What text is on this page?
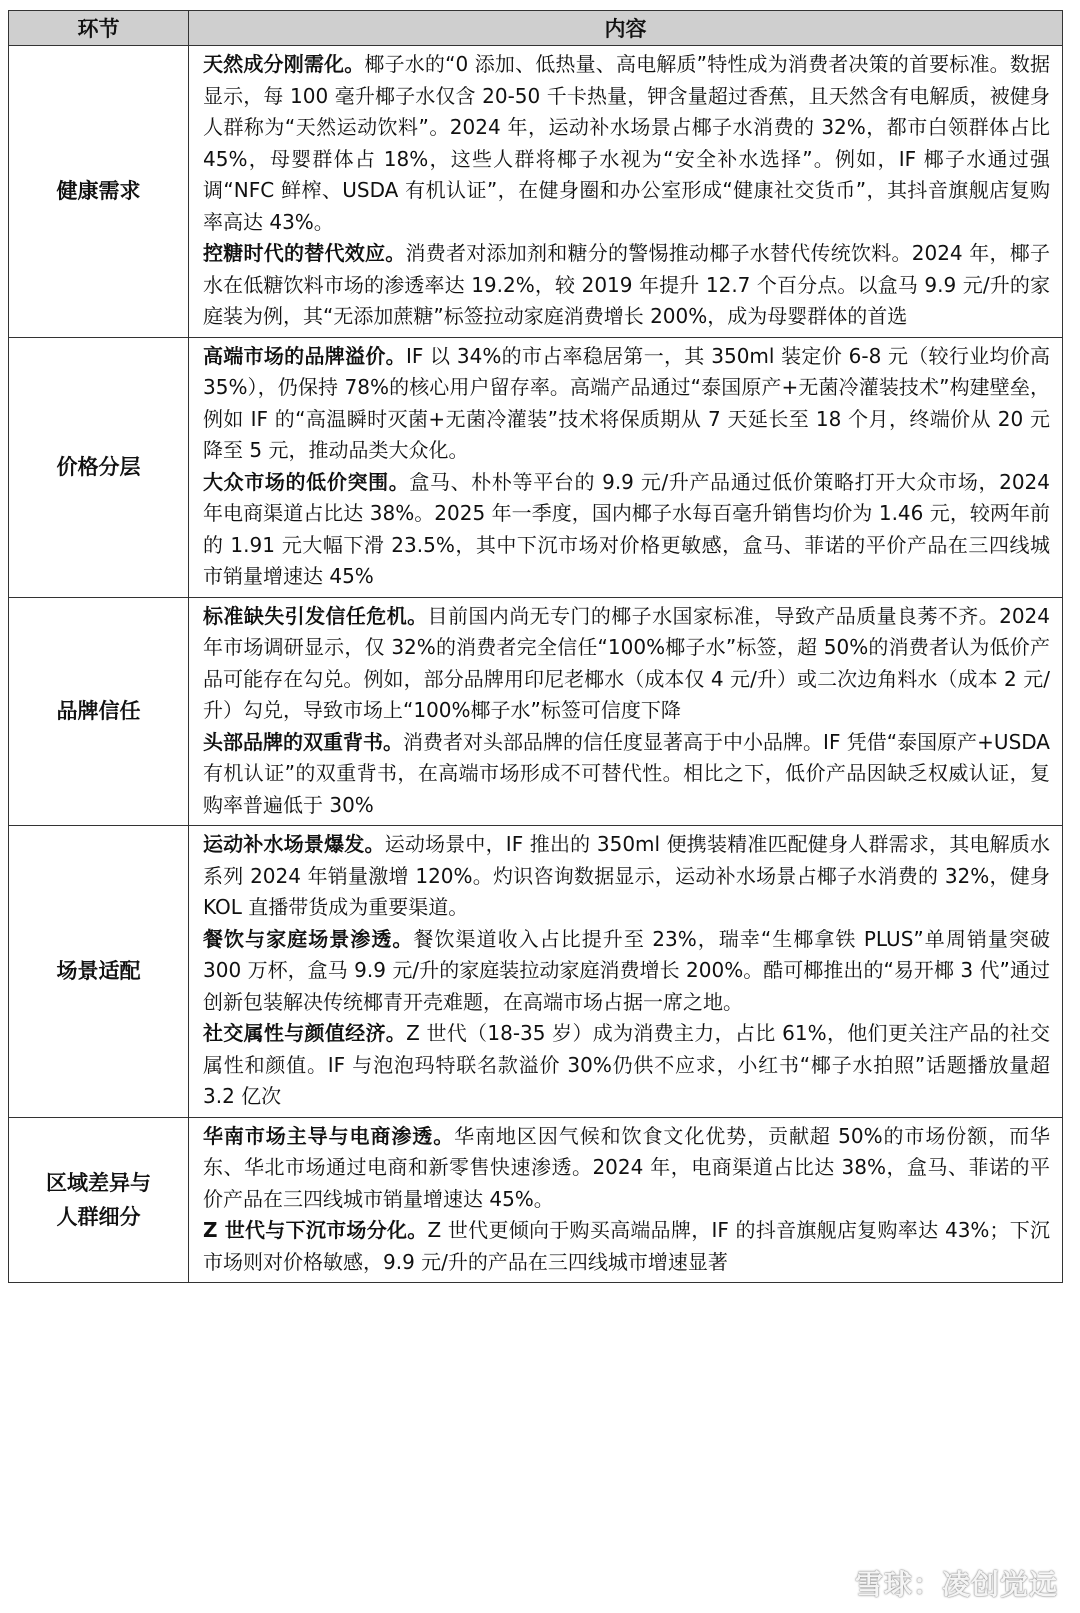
环节	内容
健康需求	天然成分刚需化。椰子水的“0 添加、低热量、高电解质”特性成为消费者决策的首要标准。数据显示，每 100 毫升椰子水仅含 20-50 千卡热量，钾含量超过香蕉，且天然含有电解质，被健身人群称为“天然运动饮料”。2024 年，运动补水场景占椰子水消费的 32%，都市白领群体占比 45%，母婴群体占 18%，这些人群将椰子水视为“安全补水选择”。例如，IF 椰子水通过强调“NFC 鲜榨、USDA 有机认证”，在健身圈和办公室形成“健康社交货币”，其抖音旗舰店复购率高达 43%。

控糖时代的替代效应。消费者对添加剂和糖分的警惕推动椰子水替代传统饮料。2024 年，椰子水在低糖饮料市场的渗透率达 19.2%，较 2019 年提升 12.7 个百分点。以盒马 9.9 元/升的家庭装为例，其“无添加蔗糖”标签拉动家庭消费增长 200%，成为母婴群体的首选

价格分层	高端市场的品牌溢价。IF 以 34%的市占率稳居第一，其 350ml 装定价 6-8 元（较行业均价高 35%），仍保持 78%的核心用户留存率。高端产品通过“泰国原产+无菌冷灌装技术”构建壁垒，例如 IF 的“高温瞬时灭菌+无菌冷灌装”技术将保质期从 7 天延长至 18 个月，终端价从 20 元降至 5 元，推动品类大众化。

大众市场的低价突围。盒马、朴朴等平台的 9.9 元/升产品通过低价策略打开大众市场，2024 年电商渠道占比达 38%。2025 年一季度，国内椰子水每百毫升销售均价为 1.46 元，较两年前的 1.91 元大幅下滑 23.5%，其中下沉市场对价格更敏感，盒马、菲诺的平价产品在三四线城市销量增速达 45%

品牌信任	标准缺失引发信任危机。目前国内尚无专门的椰子水国家标准，导致产品质量良莠不齐。2024 年市场调研显示，仅 32%的消费者完全信任“100%椰子水”标签，超 50%的消费者认为低价产品可能存在勾兑。例如，部分品牌用印尼老椰水（成本仅 4 元/升）或二次边角料水（成本 2 元/升）勾兑，导致市场上“100%椰子水”标签可信度下降

头部品牌的双重背书。消费者对头部品牌的信任度显著高于中小品牌。IF 凭借“泰国原产+USDA 有机认证”的双重背书，在高端市场形成不可替代性。相比之下，低价产品因缺乏权威认证，复购率普遍低于 30%

场景适配	运动补水场景爆发。运动场景中，IF 推出的 350ml 便携装精准匹配健身人群需求，其电解质水系列 2024 年销量激增 120%。灼识咨询数据显示，运动补水场景占椰子水消费的 32%，健身 KOL 直播带货成为重要渠道。

餐饮与家庭场景渗透。餐饮渠道收入占比提升至 23%，瑞幸“生椰拿铁 PLUS”单周销量突破 300 万杯，盒马 9.9 元/升的家庭装拉动家庭消费增长 200%。酷可椰推出的“易开椰 3 代”通过创新包装解决传统椰青开壳难题，在高端市场占据一席之地。

社交属性与颜值经济。Z 世代（18-35 岁）成为消费主力，占比 61%，他们更关注产品的社交属性和颜值。IF 与泡泡玛特联名款溢价 30%仍供不应求，小红书“椰子水拍照”话题播放量超 3.2 亿次

区域差异与人群细分	华南市场主导与电商渗透。华南地区因气候和饮食文化优势，贡献超 50%的市场份额，而华东、华北市场通过电商和新零售快速渗透。2024 年，电商渠道占比达 38%，盒马、菲诺的平价产品在三四线城市销量增速达 45%。

Z 世代与下沉市场分化。Z 世代更倾向于购买高端品牌，IF 的抖音旗舰店复购率达 43%；下沉市场则对价格敏感，9.9 元/升的产品在三四线城市增速显著

雪球：凌创觉远
